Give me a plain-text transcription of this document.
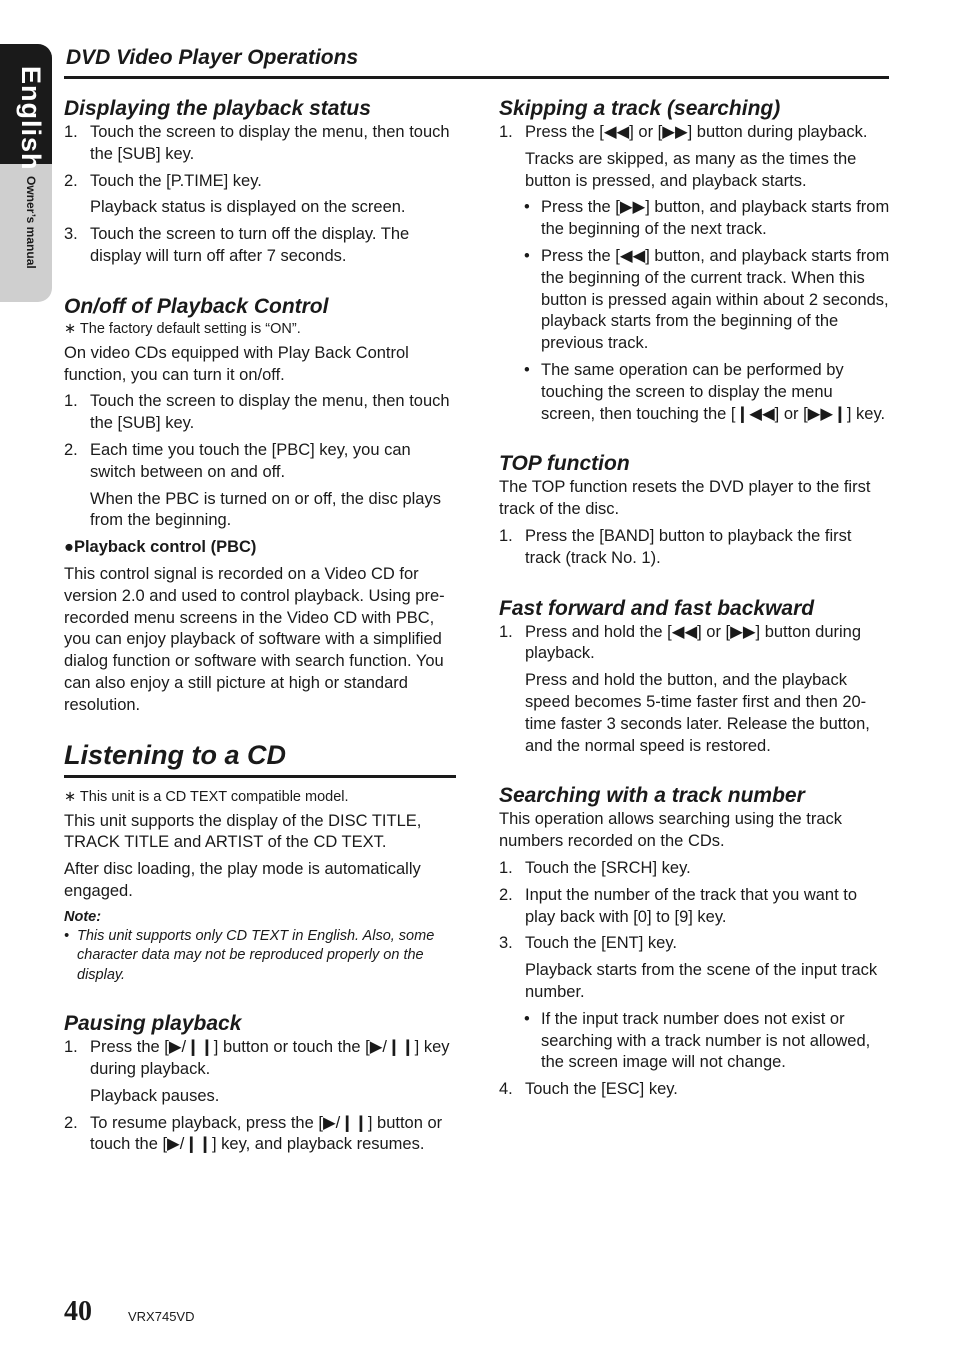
English
Owner’s manual
DVD Video Player Operations
Displaying the playback status
1. Touch the screen to display the menu, then touch the [SUB] key.
2. Touch the [P.TIME] key.
Playback status is displayed on the screen.
3. Touch the screen to turn off the display. The display will turn off after 7 seconds.
On/off of Playback Control

∗ The factory default setting is “ON”.

On video CDs equipped with Play Back Control function, you can turn it on/off.

1. Touch the screen to display the menu, then touch the [SUB] key.
2. Each time you touch the [PBC] key, you can switch between on and off.
When the PBC is turned on or off, the disc plays from the beginning.
●Playback control (PBC)

This control signal is recorded on a Video CD for version 2.0 and used to control playback. Using pre-recorded menu screens in the Video CD with PBC, you can enjoy playback of software with a simplified dialog function or software with search function. You can also enjoy a still picture at high or standard resolution.

Listening to a CD

∗ This unit is a CD TEXT compatible model.

This unit supports the display of the DISC TITLE, TRACK TITLE and ARTIST of the CD TEXT.

After disc loading, the play mode is automatically engaged.

Note:
• This unit supports only CD TEXT in English. Also, some character data may not be reproduced properly on the display.
Pausing playback
1. Press the [▶/❙❙] button or touch the [▶/❙❙] key during playback.
Playback pauses.
2. To resume playback, press the [▶/❙❙] button or touch the [▶/❙❙] key, and playback resumes.
Skipping a track (searching)
1. Press the [◀◀] or [▶▶] button during playback.
Tracks are skipped, as many as the times the button is pressed, and playback starts.
• Press the [▶▶] button, and playback starts from the beginning of the next track.
• Press the [◀◀] button, and playback starts from the beginning of the current track. When this button is pressed again within about 2 seconds, playback starts from the beginning of the previous track.
• The same operation can be performed by touching the screen to display the menu screen, then touching the [❙◀◀] or [▶▶❙] key.
TOP function

The TOP function resets the DVD player to the first track of the disc.

1. Press the [BAND] button to playback the first track (track No. 1).
Fast forward and fast backward
1. Press and hold the [◀◀] or [▶▶] button during playback.
Press and hold the button, and the playback speed becomes 5-time faster first and then 20-time faster 3 seconds later. Release the button, and the normal speed is restored.
Searching with a track number

This operation allows searching using the track numbers recorded on the CDs.

1. Touch the [SRCH] key.
2. Input the number of the track that you want to play back with [0] to [9] key.
3. Touch the [ENT] key.
Playback starts from the scene of the input track number.
• If the input track number does not exist or searching with a track number is not allowed, the screen image will not change.
4. Touch the [ESC] key.
40	VRX745VD
